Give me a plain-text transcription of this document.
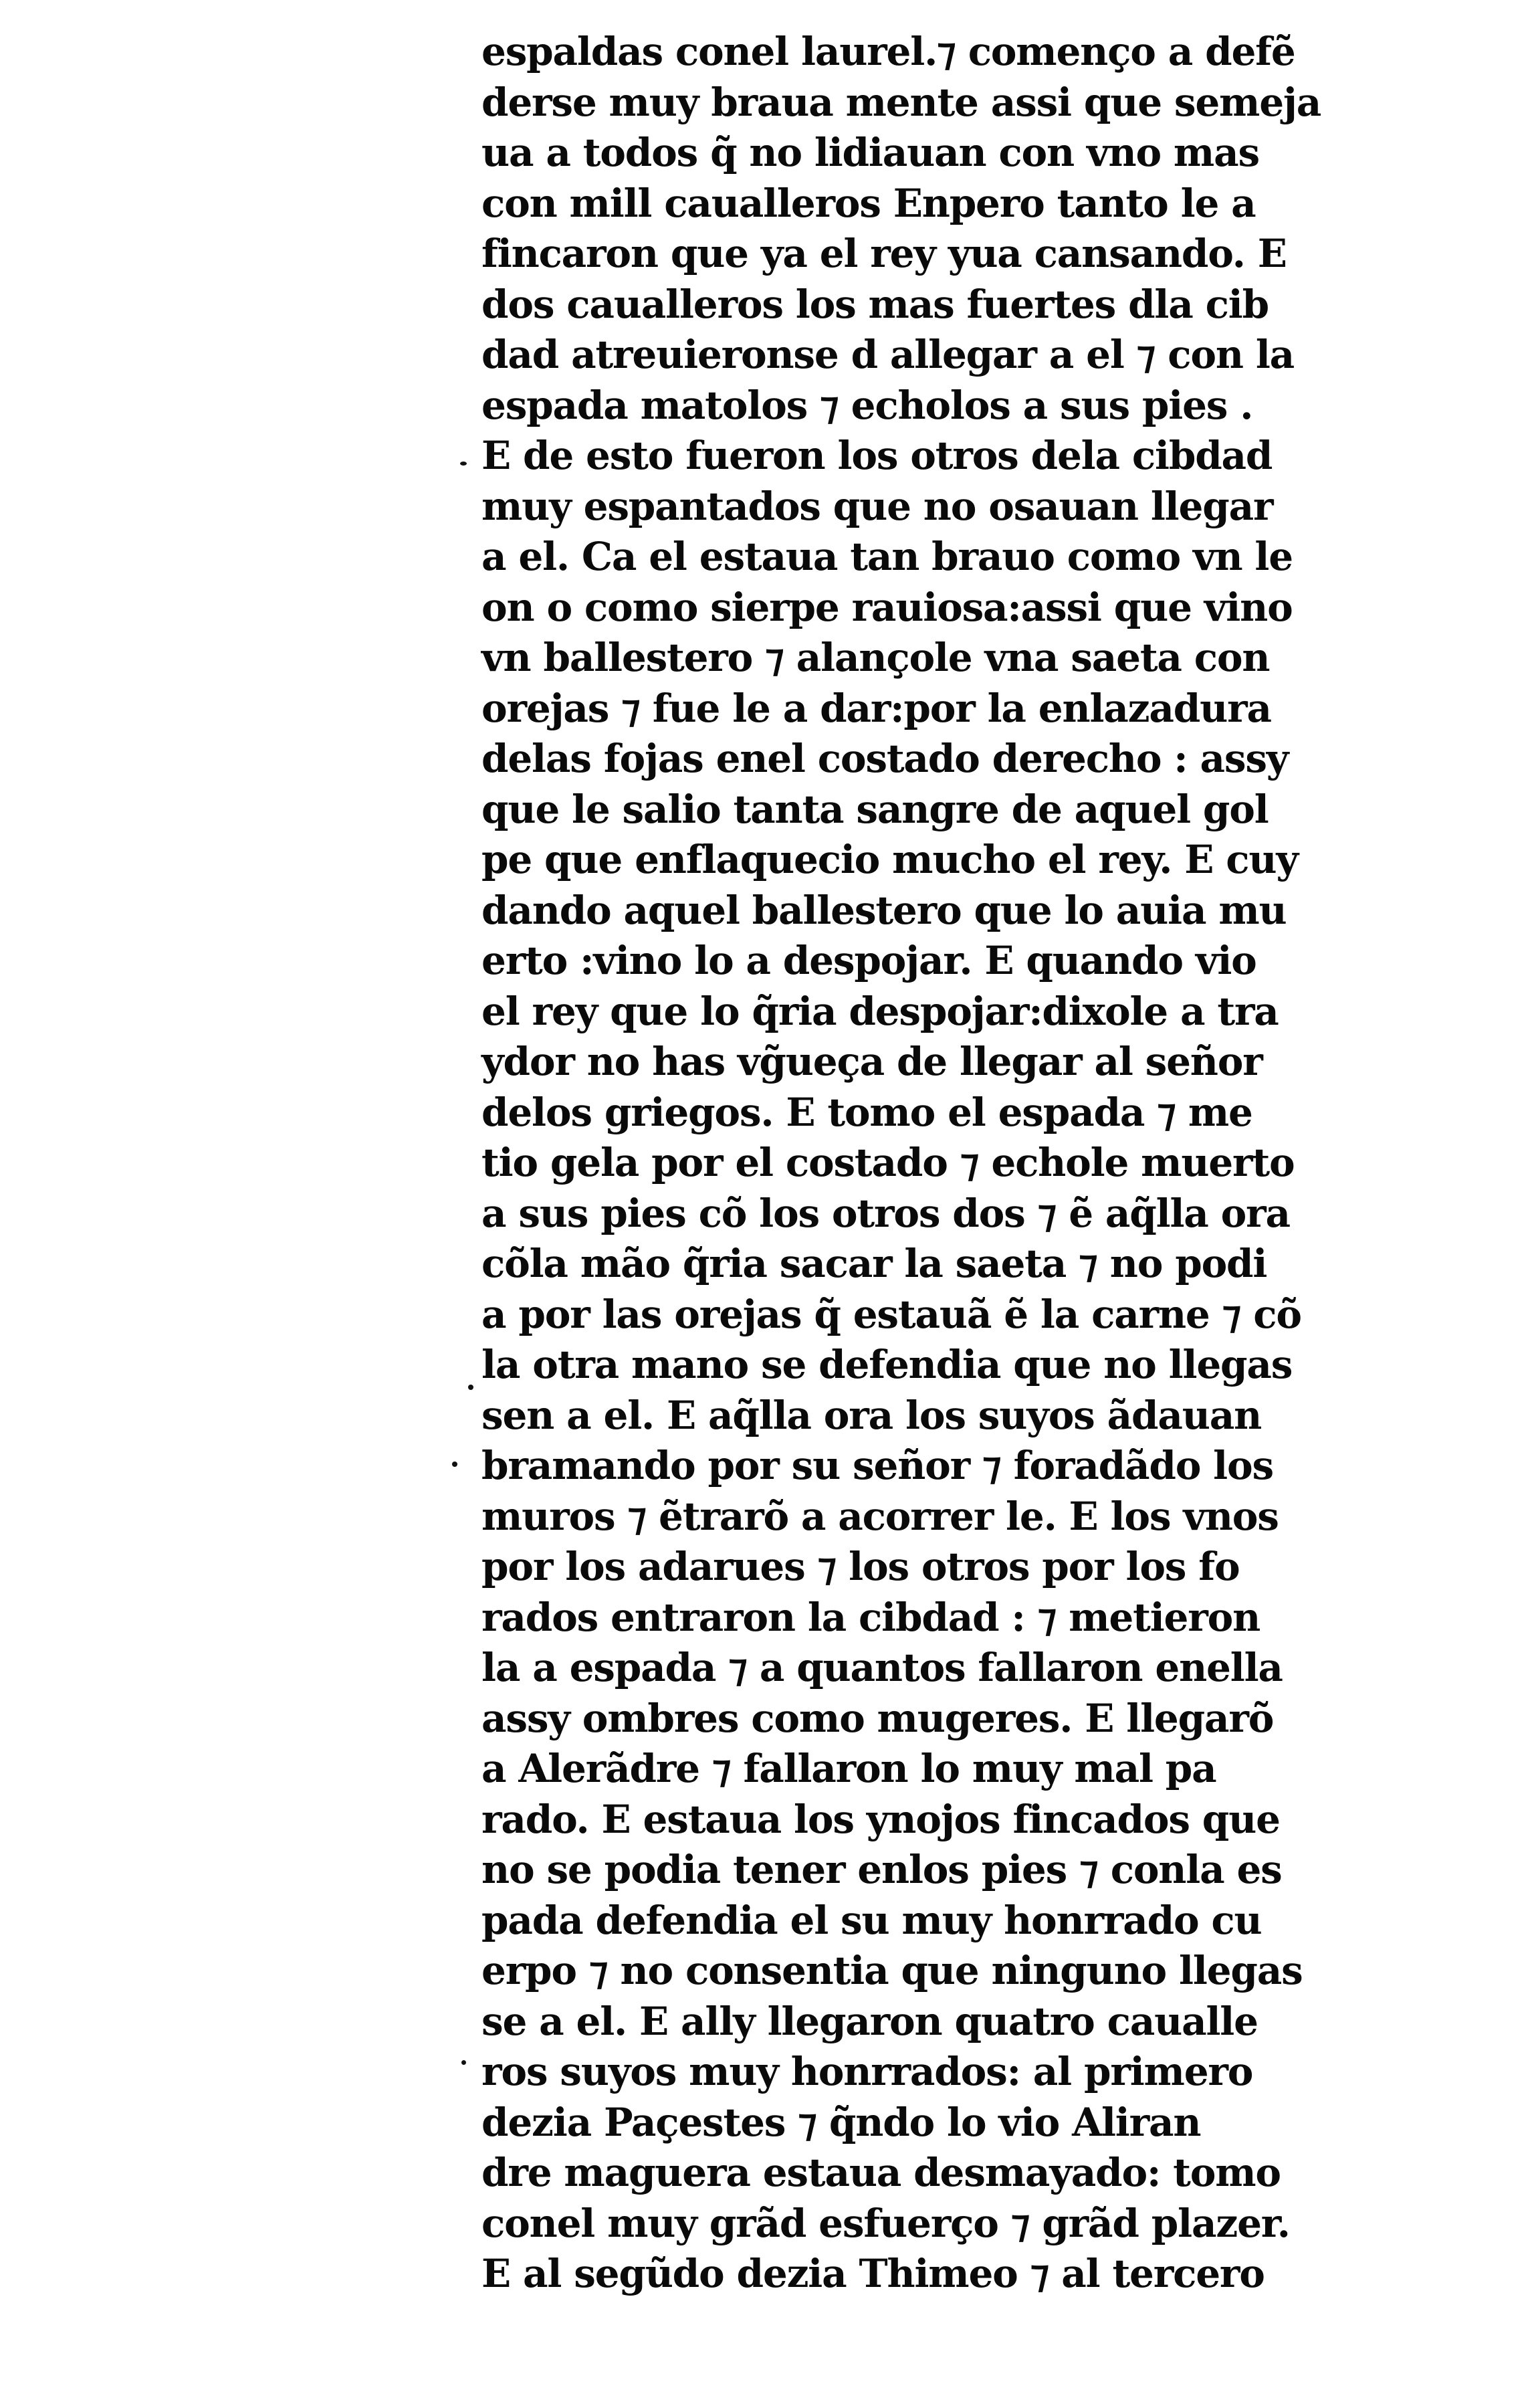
espaldas conel laurel.⁊ començo a defẽ
derse muy braua mente assi que semeja
ua a todos q̃ no lidiauan con vno mas
con mill caualleros Enpero tanto le a
fincaron que ya el rey yua cansando. E
dos caualleros los mas fuertes dla cib
dad atreuieronse d allegar a el ⁊ con la
espada matolos ⁊ echolos a sus pies .
E de esto fueron los otros dela cibdad
muy espantados que no osauan llegar
a el. Ca el estaua tan brauo como vn le
on o como sierpe rauiosa:assi que vino
vn ballestero ⁊ alançole vna saeta con
orejas ⁊ fue le a dar:por la enlazadura
delas fojas enel costado derecho : assy
que le salio tanta sangre de aquel gol
pe que enflaquecio mucho el rey. E cuy
dando aquel ballestero que lo auia mu
erto :vino lo a despojar. E quando vio
el rey que lo q̃ria despojar:dixole a tra
ydor no has vg̃ueça de llegar al señor
delos griegos. E tomo el espada ⁊ me
tio gela por el costado ⁊ echole muerto
a sus pies cõ los otros dos ⁊ ẽ aq̃lla ora
cõla mão q̃ria sacar la saeta ⁊ no podi
a por las orejas q̃ estauã ẽ la carne ⁊ cõ
la otra mano se defendia que no llegas
sen a el. E aq̃lla ora los suyos ãdauan
bramando por su señor ⁊ foradãdo los
muros ⁊ ẽtrarõ a acorrer le. E los vnos
por los adarues ⁊ los otros por los fo
rados entraron la cibdad : ⁊ metieron
la a espada ⁊ a quantos fallaron enella
assy ombres como mugeres. E llegarõ
a Alerãdre ⁊ fallaron lo muy mal pa
rado. E estaua los ynojos fincados que
no se podia tener enlos pies ⁊ conla es
pada defendia el su muy honrrado cu
erpo ⁊ no consentia que ninguno llegas
se a el. E ally llegaron quatro caualle
ros suyos muy honrrados: al primero
dezia Paçestes ⁊ q̃ndo lo vio Aliran
dre maguera estaua desmayado: tomo
conel muy grãd esfuerço ⁊ grãd plazer.
E al segũdo dezia Thimeo ⁊ al tercero
